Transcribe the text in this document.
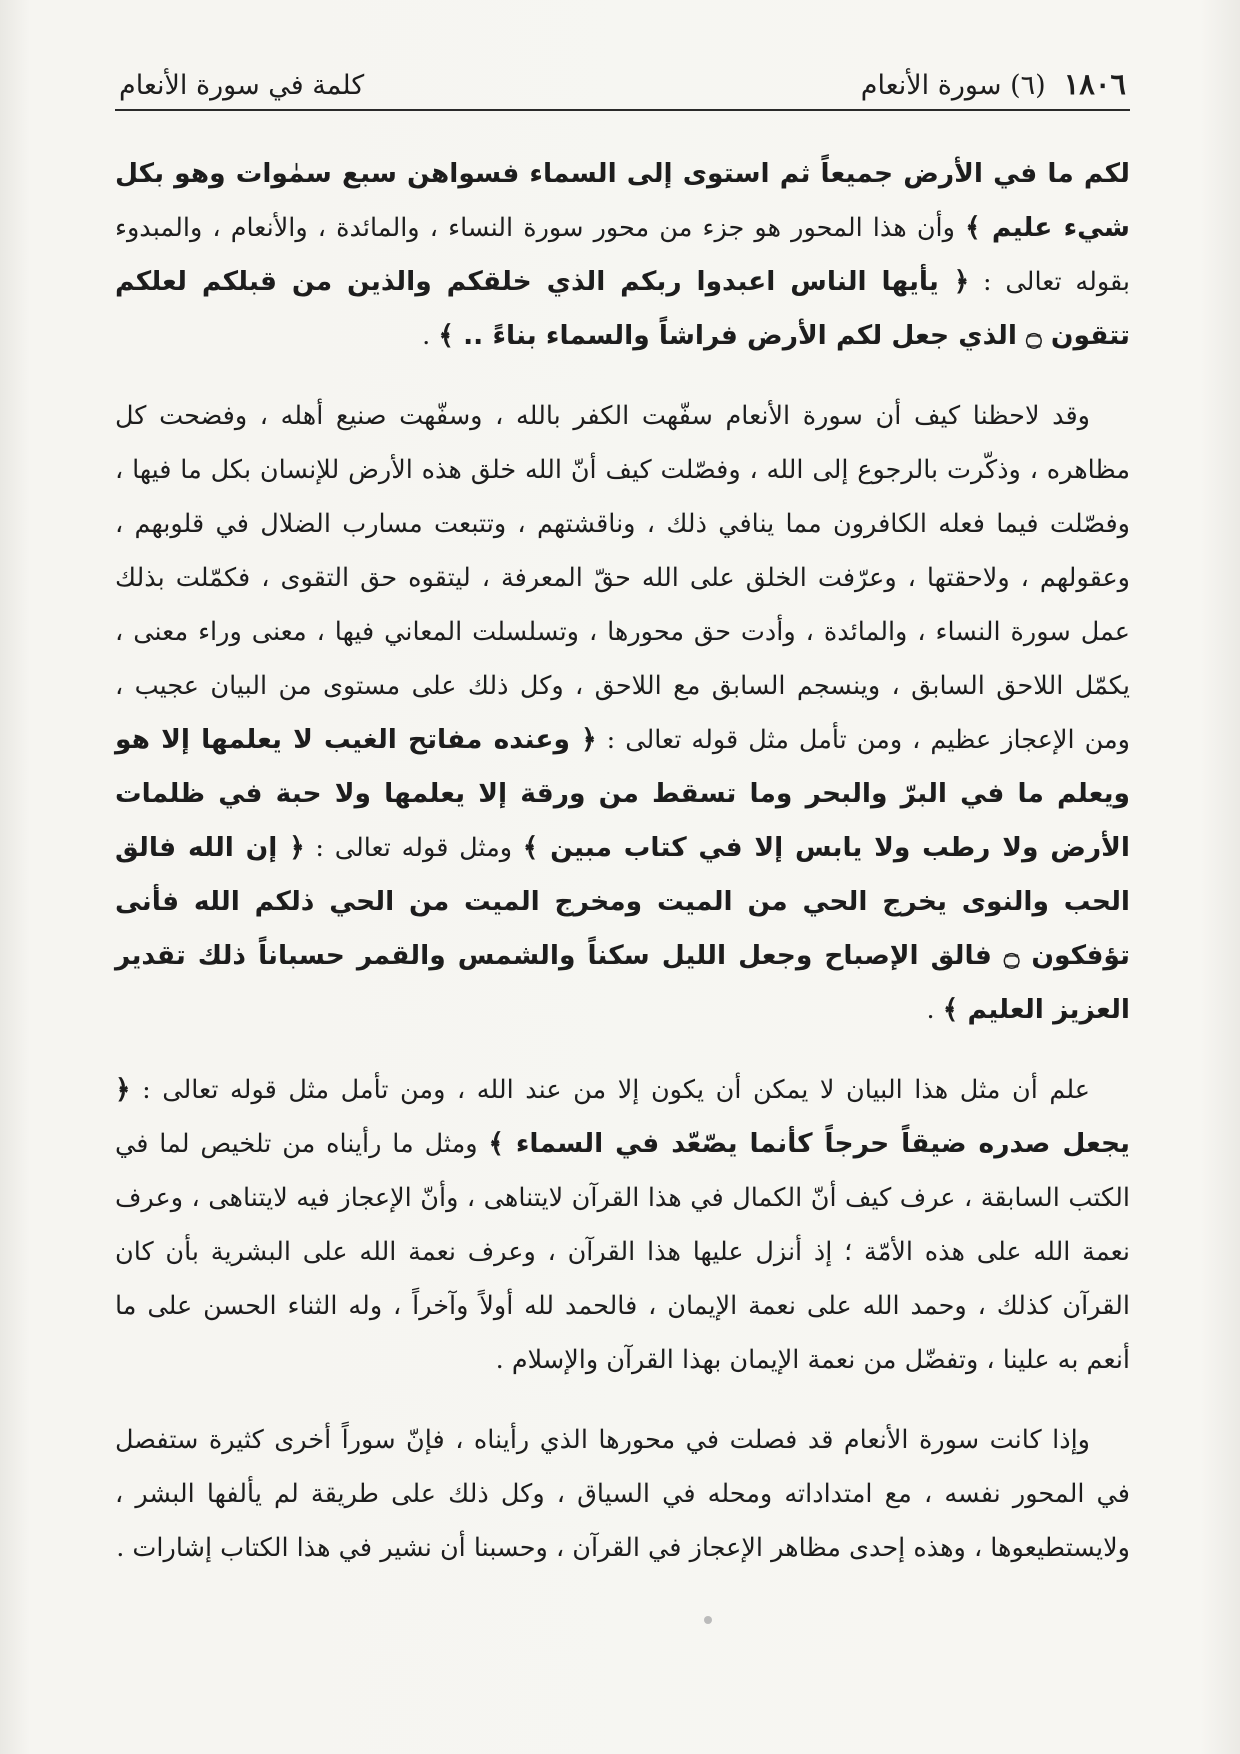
١٨٠٦
(٦) سورة الأنعام
كلمة في سورة الأنعام

لكم ما في الأرض جميعاً ثم استوى إلى السماء فسواهن سبع سمٰوات وهو بكل شيء عليم ﴾ وأن هذا المحور هو جزء من محور سورة النساء ، والمائدة ، والأنعام ، والمبدوء بقوله تعالى : ﴿ يأيها الناس اعبدوا ربكم الذي خلقكم والذين من قبلكم لعلكم تتقون ۝ الذي جعل لكم الأرض فراشاً والسماء بناءً .. ﴾ .

وقد لاحظنا كيف أن سورة الأنعام سفّهت الكفر بالله ، وسفّهت صنيع أهله ، وفضحت كل مظاهره ، وذكّرت بالرجوع إلى الله ، وفصّلت كيف أنّ الله خلق هذه الأرض للإنسان بكل ما فيها ، وفصّلت فيما فعله الكافرون مما ينافي ذلك ، وناقشتهم ، وتتبعت مسارب الضلال في قلوبهم ، وعقولهم ، ولاحقتها ، وعرّفت الخلق على الله حقّ المعرفة ، ليتقوه حق التقوى ، فكمّلت بذلك عمل سورة النساء ، والمائدة ، وأدت حق محورها ، وتسلسلت المعاني فيها ، معنى وراء معنى ، يكمّل اللاحق السابق ، وينسجم السابق مع اللاحق ، وكل ذلك على مستوى من البيان عجيب ، ومن الإعجاز عظيم ، ومن تأمل مثل قوله تعالى : ﴿ وعنده مفاتح الغيب لا يعلمها إلا هو ويعلم ما في البرّ والبحر وما تسقط من ورقة إلا يعلمها ولا حبة في ظلمات الأرض ولا رطب ولا يابس إلا في كتاب مبين ﴾ ومثل قوله تعالى : ﴿ إن الله فالق الحب والنوى يخرج الحي من الميت ومخرج الميت من الحي ذلكم الله فأنى تؤفكون ۝ فالق الإصباح وجعل الليل سكناً والشمس والقمر حسباناً ذلك تقدير العزيز العليم ﴾ .

علم أن مثل هذا البيان لا يمكن أن يكون إلا من عند الله ، ومن تأمل مثل قوله تعالى : ﴿ يجعل صدره ضيقاً حرجاً كأنما يصّعّد في السماء ﴾ ومثل ما رأيناه من تلخيص لما في الكتب السابقة ، عرف كيف أنّ الكمال في هذا القرآن لايتناهى ، وأنّ الإعجاز فيه لايتناهى ، وعرف نعمة الله على هذه الأمّة ؛ إذ أنزل عليها هذا القرآن ، وعرف نعمة الله على البشرية بأن كان القرآن كذلك ، وحمد الله على نعمة الإيمان ، فالحمد لله أولاً وآخراً ، وله الثناء الحسن على ما أنعم به علينا ، وتفضّل من نعمة الإيمان بهذا القرآن والإسلام .

وإذا كانت سورة الأنعام قد فصلت في محورها الذي رأيناه ، فإنّ سوراً أخرى كثيرة ستفصل في المحور نفسه ، مع امتداداته ومحله في السياق ، وكل ذلك على طريقة لم يألفها البشر ، ولايستطيعوها ، وهذه إحدى مظاهر الإعجاز في القرآن ، وحسبنا أن نشير في هذا الكتاب إشارات .
